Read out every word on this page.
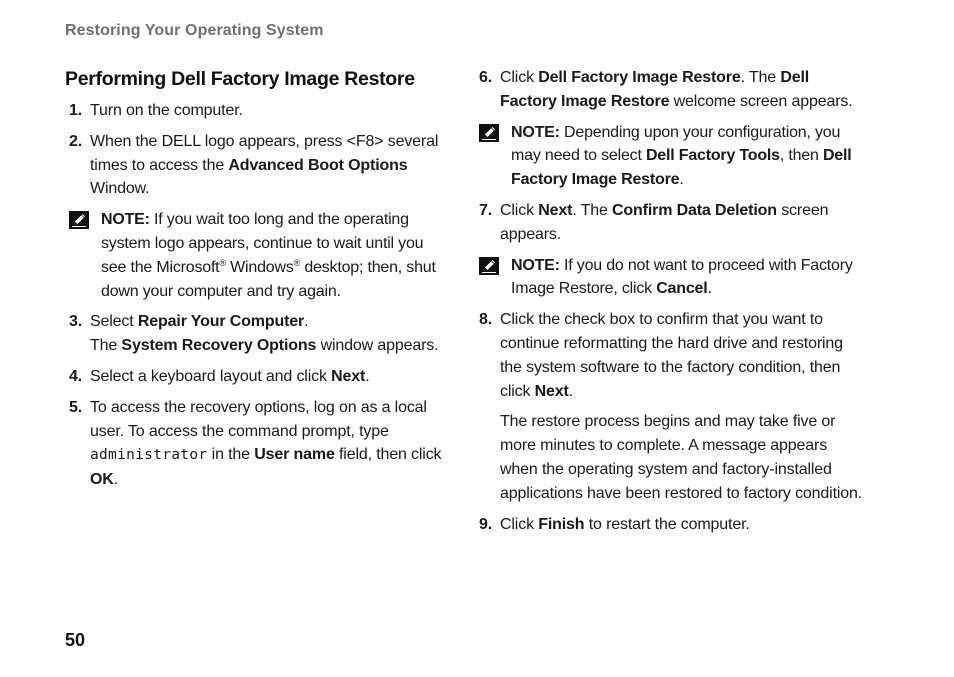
Restoring Your Operating System
Performing Dell Factory Image Restore
1. Turn on the computer.
2. When the DELL logo appears, press <F8> several times to access the Advanced Boot Options Window.
NOTE: If you wait too long and the operating system logo appears, continue to wait until you see the Microsoft® Windows® desktop; then, shut down your computer and try again.
3. Select Repair Your Computer.
The System Recovery Options window appears.
4. Select a keyboard layout and click Next.
5. To access the recovery options, log on as a local user. To access the command prompt, type administrator in the User name field, then click OK.
6. Click Dell Factory Image Restore. The Dell Factory Image Restore welcome screen appears.
NOTE: Depending upon your configuration, you may need to select Dell Factory Tools, then Dell Factory Image Restore.
7. Click Next. The Confirm Data Deletion screen appears.
NOTE: If you do not want to proceed with Factory Image Restore, click Cancel.
8. Click the check box to confirm that you want to continue reformatting the hard drive and restoring the system software to the factory condition, then click Next.
The restore process begins and may take five or more minutes to complete. A message appears when the operating system and factory-installed applications have been restored to factory condition.
9. Click Finish to restart the computer.
50
